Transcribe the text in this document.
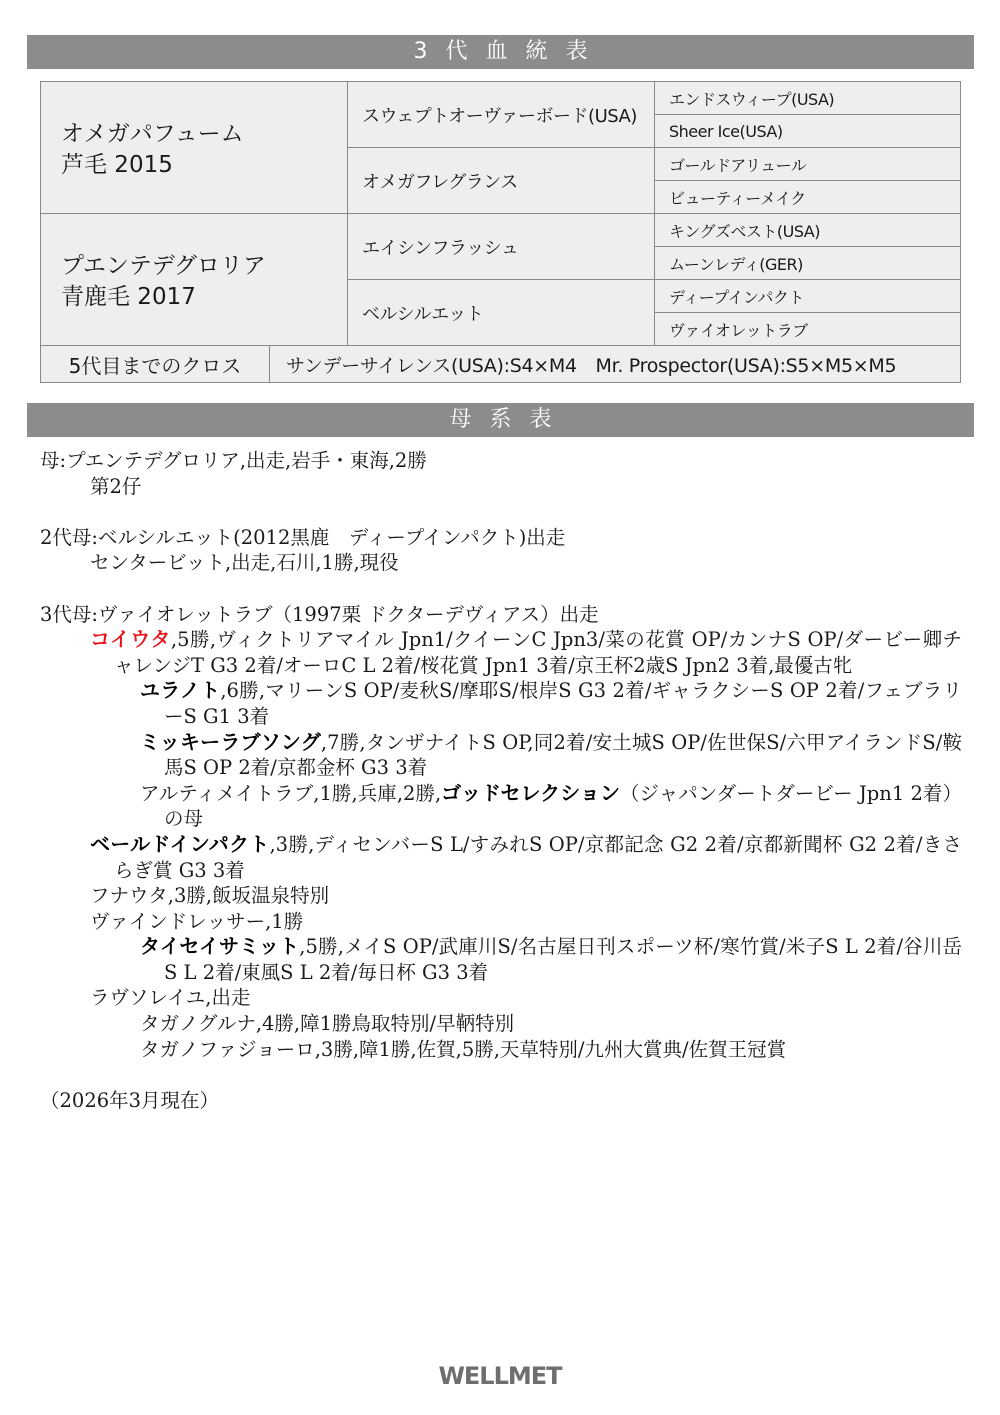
3代血統表
オメガパフューム
芦毛 2015		スウェプトオーヴァーボード(USA)	エンドスウィープ(USA)
			Sheer Ice(USA)
		オメガフレグランス	ゴールドアリュール
			ビューティーメイク

プエンテデグロリア
青鹿毛 2017		エイシンフラッシュ	キングズベスト(USA)
			ムーンレディ(GER)
		ベルシルエット	ディープインパクト
			ヴァイオレットラブ
5代目までのクロス	サンデーサイレンス(USA):S4×M4　Mr. Prospector(USA):S5×M5×M5		
母系表
母:プエンテデグロリア,出走,岩手・東海,2勝
第2仔
2代母:ベルシルエット(2012黒鹿　ディープインパクト)出走
センタービット,出走,石川,1勝,現役
3代母:ヴァイオレットラブ（1997栗 ドクターデヴィアス）出走
コイウタ,5勝,ヴィクトリアマイル Jpn1/クイーンC Jpn3/菜の花賞 OP/カンナS OP/ダービー卿チャレンジT G3 2着/オーロC L 2着/桜花賞 Jpn1 3着/京王杯2歳S Jpn2 3着,最優古牝
ユラノト,6勝,マリーンS OP/麦秋S/摩耶S/根岸S G3 2着/ギャラクシーS OP 2着/フェブラリーS G1 3着
ミッキーラブソング,7勝,タンザナイトS OP,同2着/安土城S OP/佐世保S/六甲アイランドS/鞍馬S OP 2着/京都金杯 G3 3着
アルティメイトラブ,1勝,兵庫,2勝,ゴッドセレクション（ジャパンダートダービー Jpn1 2着）の母
ベールドインパクト,3勝,ディセンバーS L/すみれS OP/京都記念 G2 2着/京都新聞杯 G2 2着/きさらぎ賞 G3 3着
フナウタ,3勝,飯坂温泉特別
ヴァインドレッサー,1勝
タイセイサミット,5勝,メイS OP/武庫川S/名古屋日刊スポーツ杯/寒竹賞/米子S L 2着/谷川岳S L 2着/東風S L 2着/毎日杯 G3 3着
ラヴソレイユ,出走
タガノグルナ,4勝,障1勝鳥取特別/早鞆特別
タガノファジョーロ,3勝,障1勝,佐賀,5勝,天草特別/九州大賞典/佐賀王冠賞
（2026年3月現在）
WELLMET
